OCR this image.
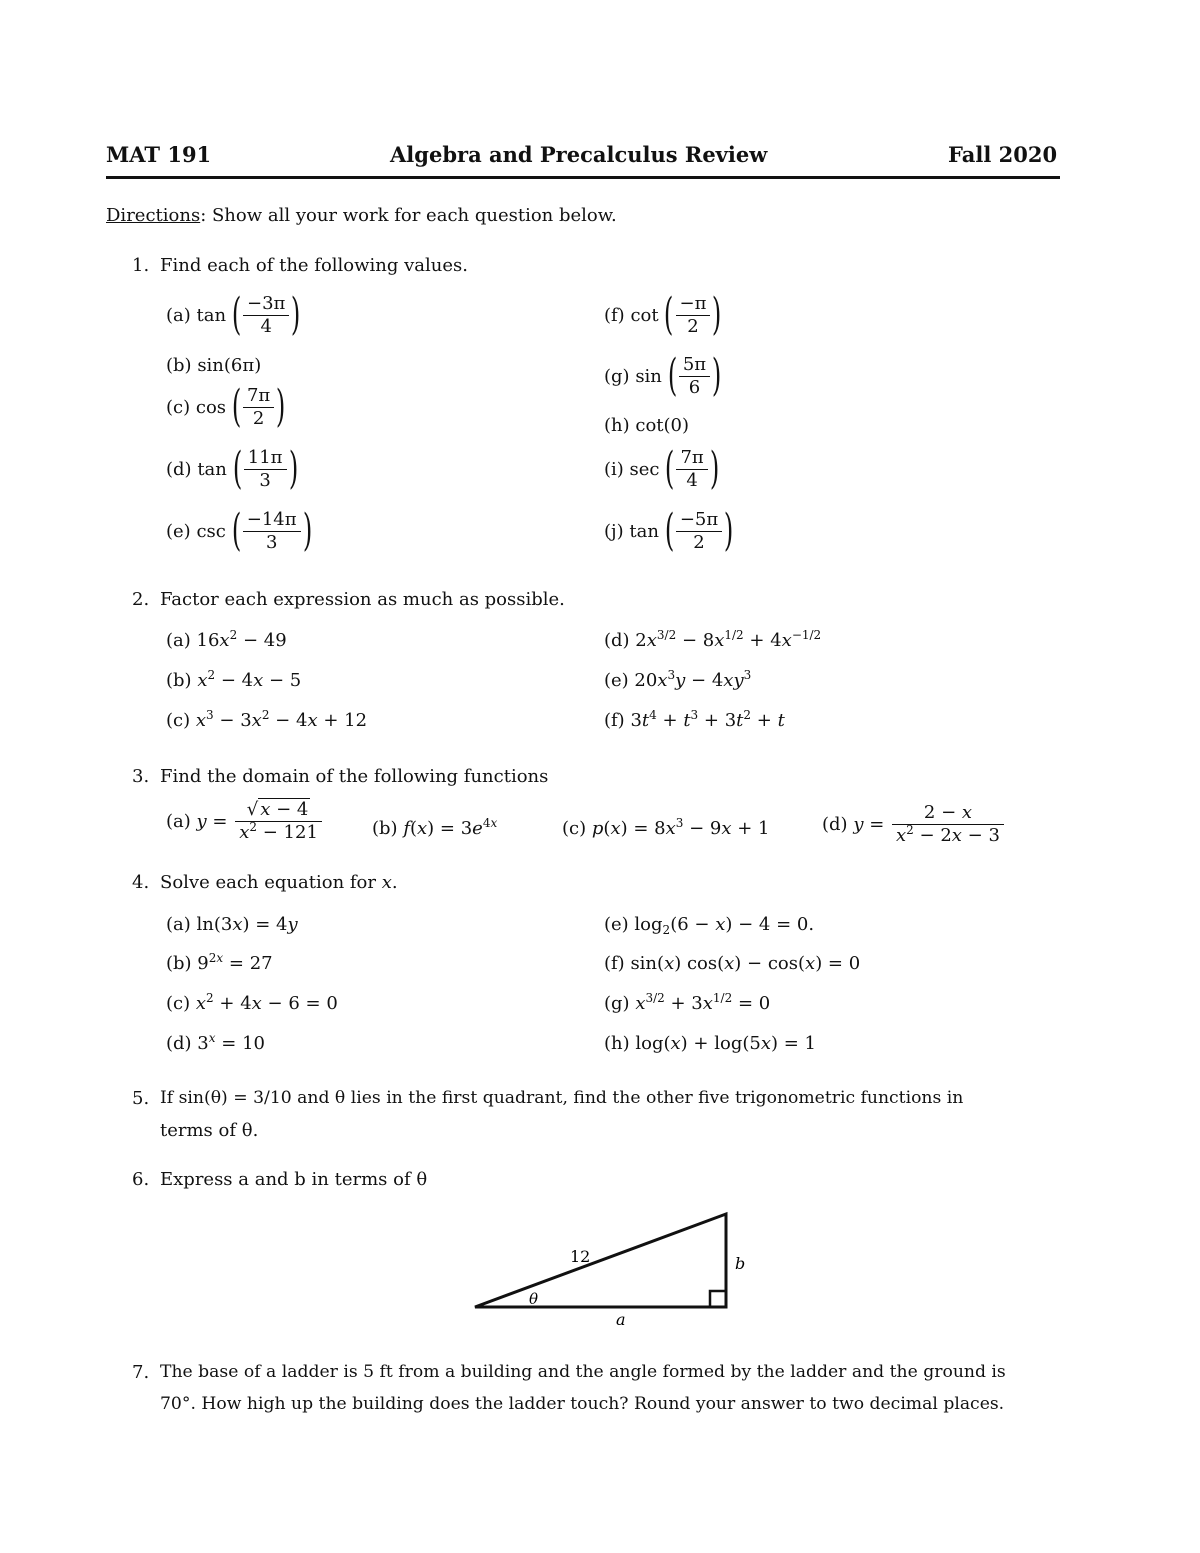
MAT 191	Algebra and Precalculus Review	Fall 2020
Directions: Show all your work for each question below.
1. Find each of the following values.
(a)
tan
( −3π
4 )
(b) sin(6π)
(c)
cos
( 7π
2 )
(d)
tan
( 11π
3 )
(e)
csc
( −14π
3 )
(f)
cot
( −π
2 )
(g)
sin
( 5π
6 )
(h) cot(0)
(i)
sec
( 7π
4 )
(j)
tan
( −5π
2 )
2. Factor each expression as much as possible.
(a) $16x^2 - 49$
(b) $x^2 - 4x - 5$
(c) $x^3 - 3x^2 - 4x + 12$
(d) $2x^{3/2} - 8x^{1/2} + 4x^{-1/2}$
(e) $20x^3y - 4xy^3$
(f) $3t^4 + t^3 + 3t^2 + t$
3. Find the domain of the following functions
(a)
y =
√ x − 4
$x^2 - 121$	(b) $f(x) = 3e^{4x}$	(c) $p(x) = 8x^3 - 9x + 1$	(d)
y =
2 − x
$x^2 - 2x - 3$
4. Solve each equation for x.
(a) ln(3x) = 4y
(b) $9^{2x} = 27$
(c) $x^2 + 4x - 6 = 0$
(d) $3^x = 10$
(e) $\log_2(6 - x) - 4 = 0$.
(f) sin(x) cos(x) − cos(x) = 0
(g) $x^{3/2} + 3x^{1/2} = 0$
(h) log(x) + log(5x) = 1
5. If sin(θ) = 3/10 and θ lies in the first quadrant, find the other five trigonometric functions in
terms of θ.
6. Express a and b in terms of θ
12	b
a
θ
7. The base of a ladder is 5 ft from a building and the angle formed by the ladder and the ground is
70°. How high up the building does the ladder touch? Round your answer to two decimal places.
